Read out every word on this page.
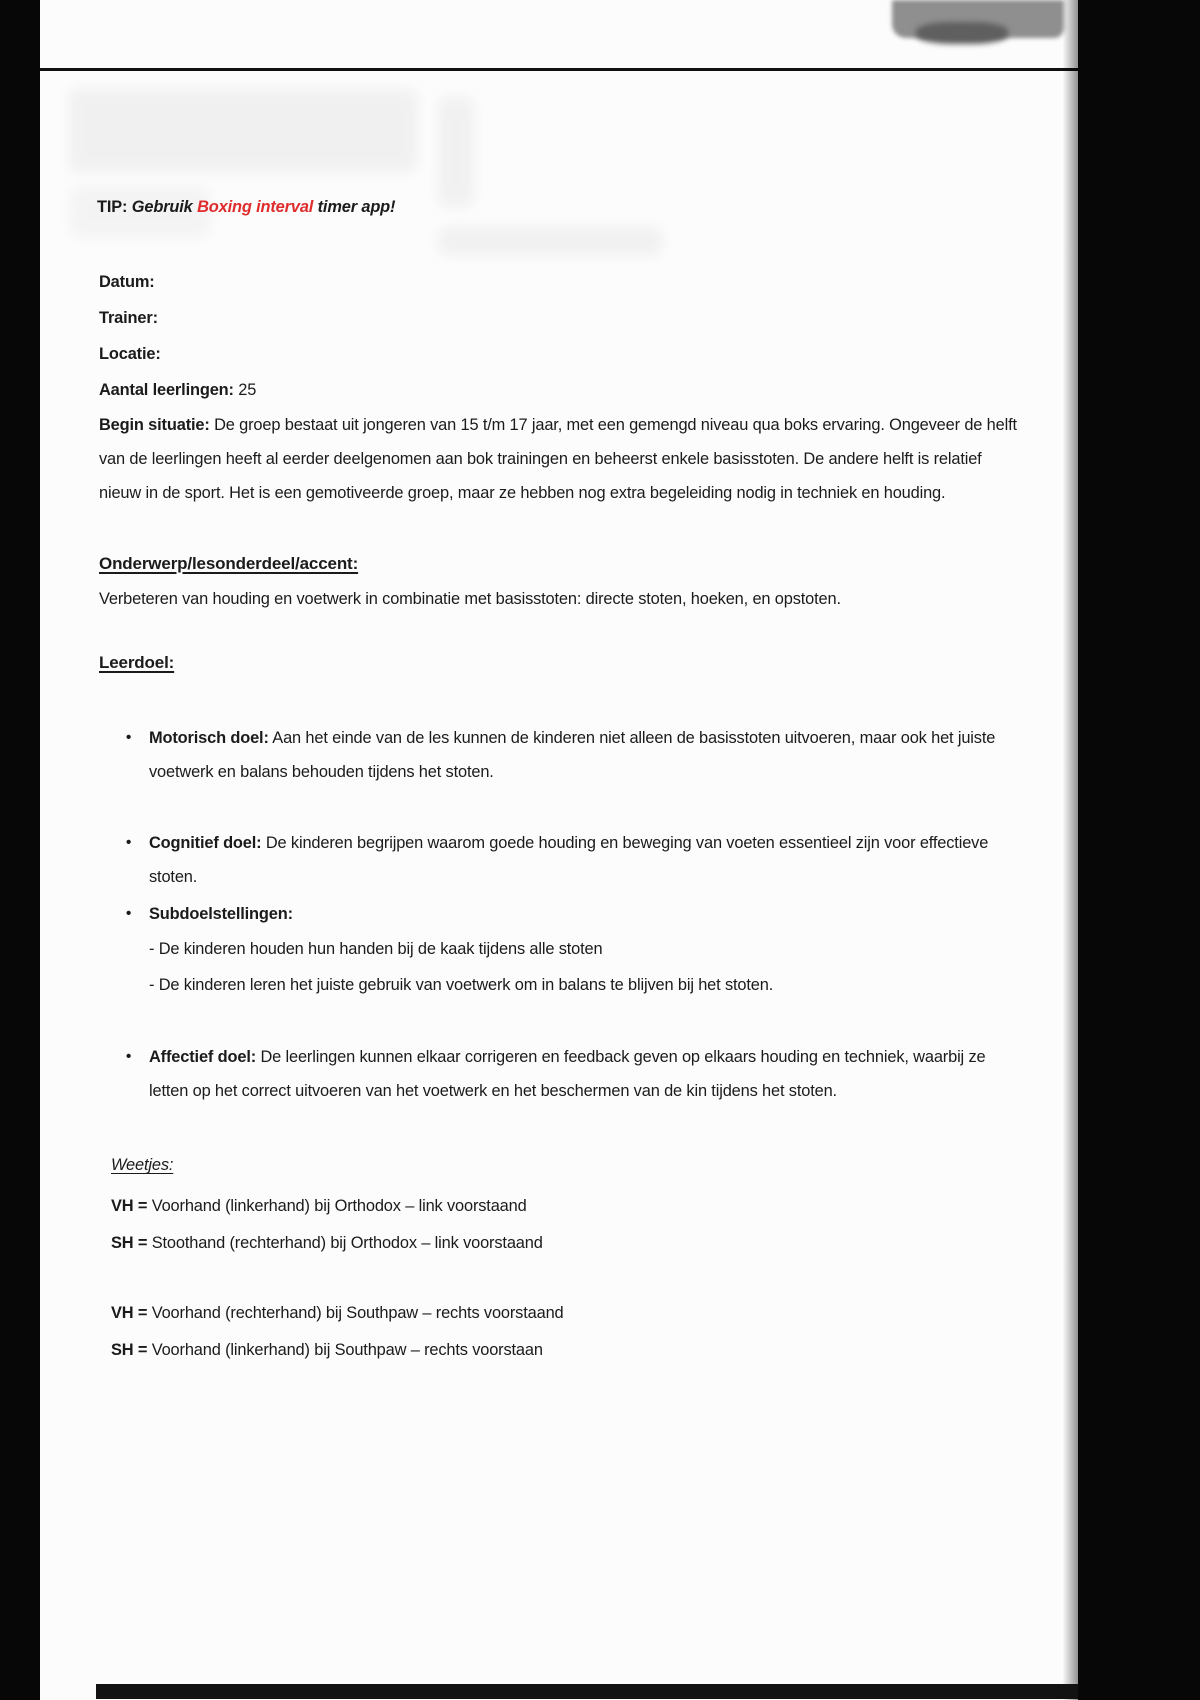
TIP: Gebruik Boxing interval timer app!

Datum:

Trainer:

Locatie:

Aantal leerlingen: 25

Begin situatie: De groep bestaat uit jongeren van 15 t/m 17 jaar, met een gemengd niveau qua boks ervaring. Ongeveer de helft van de leerlingen heeft al eerder deelgenomen aan bok trainingen en beheerst enkele basisstoten. De andere helft is relatief nieuw in de sport. Het is een gemotiveerde groep, maar ze hebben nog extra begeleiding nodig in techniek en houding.

Onderwerp/lesonderdeel/accent:

Verbeteren van houding en voetwerk in combinatie met basisstoten: directe stoten, hoeken, en opstoten.

Leerdoel:

• Motorisch doel: Aan het einde van de les kunnen de kinderen niet alleen de basisstoten uitvoeren, maar ook het juiste voetwerk en balans behouden tijdens het stoten.
• Cognitief doel: De kinderen begrijpen waarom goede houding en beweging van voeten essentieel zijn voor effectieve stoten.
• Subdoelstellingen:

- De kinderen houden hun handen bij de kaak tijdens alle stoten

- De kinderen leren het juiste gebruik van voetwerk om in balans te blijven bij het stoten.

• Affectief doel: De leerlingen kunnen elkaar corrigeren en feedback geven op elkaars houding en techniek, waarbij ze letten op het correct uitvoeren van het voetwerk en het beschermen van de kin tijdens het stoten.

Weetjes:

VH = Voorhand (linkerhand) bij Orthodox – link voorstaand

SH = Stoothand (rechterhand) bij Orthodox – link voorstaand

VH = Voorhand (rechterhand) bij Southpaw – rechts voorstaand

SH = Voorhand (linkerhand) bij Southpaw – rechts voorstaan
